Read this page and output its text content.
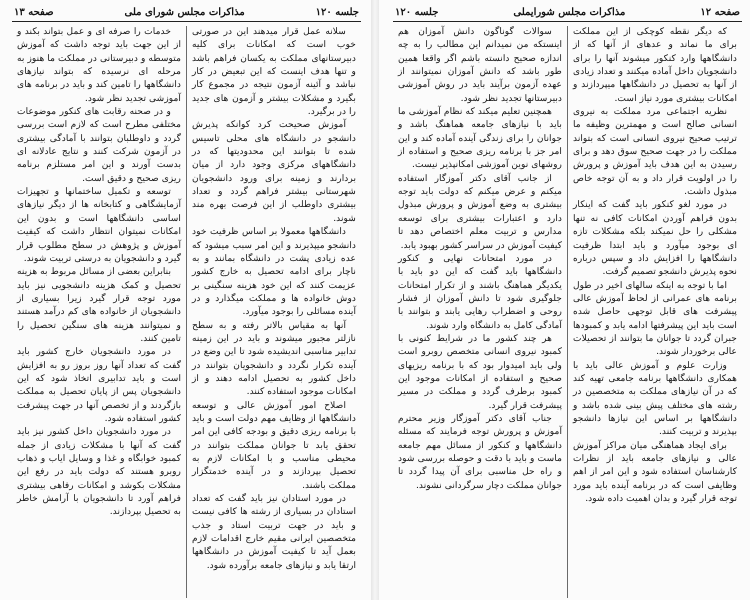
جلسه ۱۲۰
مذاکرات مجلس شورای ملی
صفحه ۱۳

سلانه عمل قرار میدهند این در صورتی خوب است که امکانات برای کلیه دبیرستانهای مملکت به یکسان فراهم باشد و تنها هدف اینست که این تبعیض در کار نباشد و آئینه آزمون نتیجه در مجموع کار بگیرد و مشکلات بیشتر و آزمون های جدید را در برگیرد.

آموزش صحیحت کرد کوانکه پذیرش دانشجو در دانشگاه های محلی تاسیس شده تا بتوانند این محدودیتها که در دانشگاههای مرکزی وجود دارد از میان بردارند و زمینه برای ورود دانشجویان شهرستانی بیشتر فراهم گردد و تعداد بیشتری داوطلب از این فرصت بهره مند شوند.

دانشگاهها معمولا بر اساس ظرفیت خود دانشجو میپذیرند و این امر سبب میشود که عده زیادی پشت در دانشگاه بمانند و به ناچار برای ادامه تحصیل به خارج کشور عزیمت کنند که این خود هزینه سنگینی بر دوش خانواده ها و مملکت میگذارد و در آینده مسائلی را بوجود میآورد.

آنها به مقیاس بالاتر رفته و به سطح نازلتر مجبور میشوند و باید در این زمینه تدابیر مناسبی اندیشیده شود تا این وضع در آینده تکرار نگردد و دانشجویان بتوانند در داخل کشور به تحصیل ادامه دهند و از امکانات موجود استفاده کنند.

اصلاح امور آموزش عالی و توسعه دانشگاهها از وظایف مهم دولت است و باید با برنامه ریزی دقیق و بودجه کافی این امر تحقق یابد تا جوانان مملکت بتوانند در محیطی مناسب و با امکانات لازم به تحصیل بپردازند و در آینده خدمتگزار مملکت باشند.

در مورد استادان نیز باید گفت که تعداد استادان در بسیاری از رشته ها کافی نیست و باید در جهت تربیت استاد و جذب متخصصین ایرانی مقیم خارج اقدامات لازم بعمل آید تا کیفیت آموزش در دانشگاهها ارتقا یابد و نیازهای جامعه برآورده شود.

خدمات را صرفه ای و عمل بتواند بکند و از این جهت باید توجه داشت که آموزش متوسطه و دبیرستانی در مملکت ما هنوز به مرحله ای نرسیده که بتواند نیازهای دانشگاهها را تامین کند و باید در برنامه های آموزشی تجدید نظر شود.

و در صحنه رقابت های کنکور موضوعات مختلفی مطرح است که لازم است بررسی گردد و داوطلبان بتوانند با آمادگی بیشتری در آزمون شرکت کنند و نتایج عادلانه ای بدست آورند و این امر مستلزم برنامه ریزی صحیح و دقیق است.

توسعه و تکمیل ساختمانها و تجهیزات آزمایشگاهی و کتابخانه ها از دیگر نیازهای اساسی دانشگاهها است و بدون این امکانات نمیتوان انتظار داشت که کیفیت آموزش و پژوهش در سطح مطلوب قرار گیرد و دانشجویان به درستی تربیت شوند.

بنابراین بعضی از مسائل مربوط به هزینه تحصیل و کمک هزینه دانشجویی نیز باید مورد توجه قرار گیرد زیرا بسیاری از دانشجویان از خانواده های کم درآمد هستند و نمیتوانند هزینه های سنگین تحصیل را تامین کنند.

در مورد دانشجویان خارج کشور باید گفت که تعداد آنها روز بروز رو به افزایش است و باید تدابیری اتخاذ شود که این دانشجویان پس از پایان تحصیل به مملکت بازگردند و از تخصص آنها در جهت پیشرفت کشور استفاده شود.

در مورد دانشجویان داخل کشور نیز باید گفت که آنها با مشکلات زیادی از جمله کمبود خوابگاه و غذا و وسایل ایاب و ذهاب روبرو هستند که دولت باید در رفع این مشکلات بکوشد و امکانات رفاهی بیشتری فراهم آورد تا دانشجویان با آرامش خاطر به تحصیل بپردازند.

صفحه ۱۲
مذاکرات مجلس شورایملی
جلسه ۱۲۰

که دیگر نقطه کوچکی از این مملکت برای ما نماند و عدهای از آنها که از دانشگاهها وارد کنکور میشوند آنها را برای دانشجویان داخل آماده میکنند و تعداد زیادی از آنها به تحصیل در دانشگاهها میپردازند و امکانات بیشتری مورد نیاز است.

نظریه اجتماعی مرد مملکت به نیروی انسانی صالح است و مهمترین وظیفه ما ترتیب صحیح نیروی انسانی است که بتواند مملکت را در جهت صحیح سوق دهد و برای رسیدن به این هدف باید آموزش و پرورش را در اولویت قرار داد و به آن توجه خاص مبذول داشت.

در مورد لغو کنکور باید گفت که اینکار بدون فراهم آوردن امکانات کافی نه تنها مشکلی را حل نمیکند بلکه مشکلات تازه ای بوجود میآورد و باید ابتدا ظرفیت دانشگاهها را افزایش داد و سپس درباره نحوه پذیرش دانشجو تصمیم گرفت.

اما با توجه به اینکه سالهای اخیر در طول برنامه های عمرانی از لحاظ آموزش عالی پیشرفت های قابل توجهی حاصل شده است باید این پیشرفتها ادامه یابد و کمبودها جبران گردد تا جوانان ما بتوانند از تحصیلات عالی برخوردار شوند.

وزارت علوم و آموزش عالی باید با همکاری دانشگاهها برنامه جامعی تهیه کند که در آن نیازهای مملکت به متخصصین در رشته های مختلف پیش بینی شده باشد و دانشگاهها بر اساس این نیازها دانشجو بپذیرند و تربیت کنند.

برای ایجاد هماهنگی میان مراکز آموزش عالی و نیازهای جامعه باید از نظرات کارشناسان استفاده شود و این امر از اهم وظایفی است که در برنامه آینده باید مورد توجه قرار گیرد و بدان اهمیت داده شود.

سوالات گوناگون دانش آموزان هم اینستکه من نمیدانم این مطالب را به چه اندازه صحیح دانسته باشم اگر واقعا همین طور باشد که دانش آموزان نمیتوانند از عهده آزمون برآیند باید در روش آموزشی دبیرستانها تجدید نظر شود.

همچنین تعلیم میکند که نظام آموزشی ما باید با نیازهای جامعه هماهنگ باشد و جوانان را برای زندگی آینده آماده کند و این امر جز با برنامه ریزی صحیح و استفاده از روشهای نوین آموزشی امکانپذیر نیست.

از جانب آقای دکتر آموزگار استفاده میکنم و عرض میکنم که دولت باید توجه بیشتری به وضع آموزش و پرورش مبذول دارد و اعتبارات بیشتری برای توسعه مدارس و تربیت معلم اختصاص دهد تا کیفیت آموزش در سراسر کشور بهبود یابد.

در مورد امتحانات نهایی و کنکور دانشگاهها باید گفت که این دو باید با یکدیگر هماهنگ باشند و از تکرار امتحانات جلوگیری شود تا دانش آموزان از فشار روحی و اضطراب رهایی یابند و بتوانند با آمادگی کامل به دانشگاه وارد شوند.

هر چند کشور ما در شرایط کنونی با کمبود نیروی انسانی متخصص روبرو است ولی باید امیدوار بود که با برنامه ریزیهای صحیح و استفاده از امکانات موجود این کمبود برطرف گردد و مملکت در مسیر پیشرفت قرار گیرد.

جناب آقای دکتر آموزگار وزیر محترم آموزش و پرورش توجه فرمایند که مسئله دانشگاهها و کنکور از مسائل مهم جامعه ماست و باید با دقت و حوصله بررسی شود و راه حل مناسبی برای آن پیدا گردد تا جوانان مملکت دچار سرگردانی نشوند.
